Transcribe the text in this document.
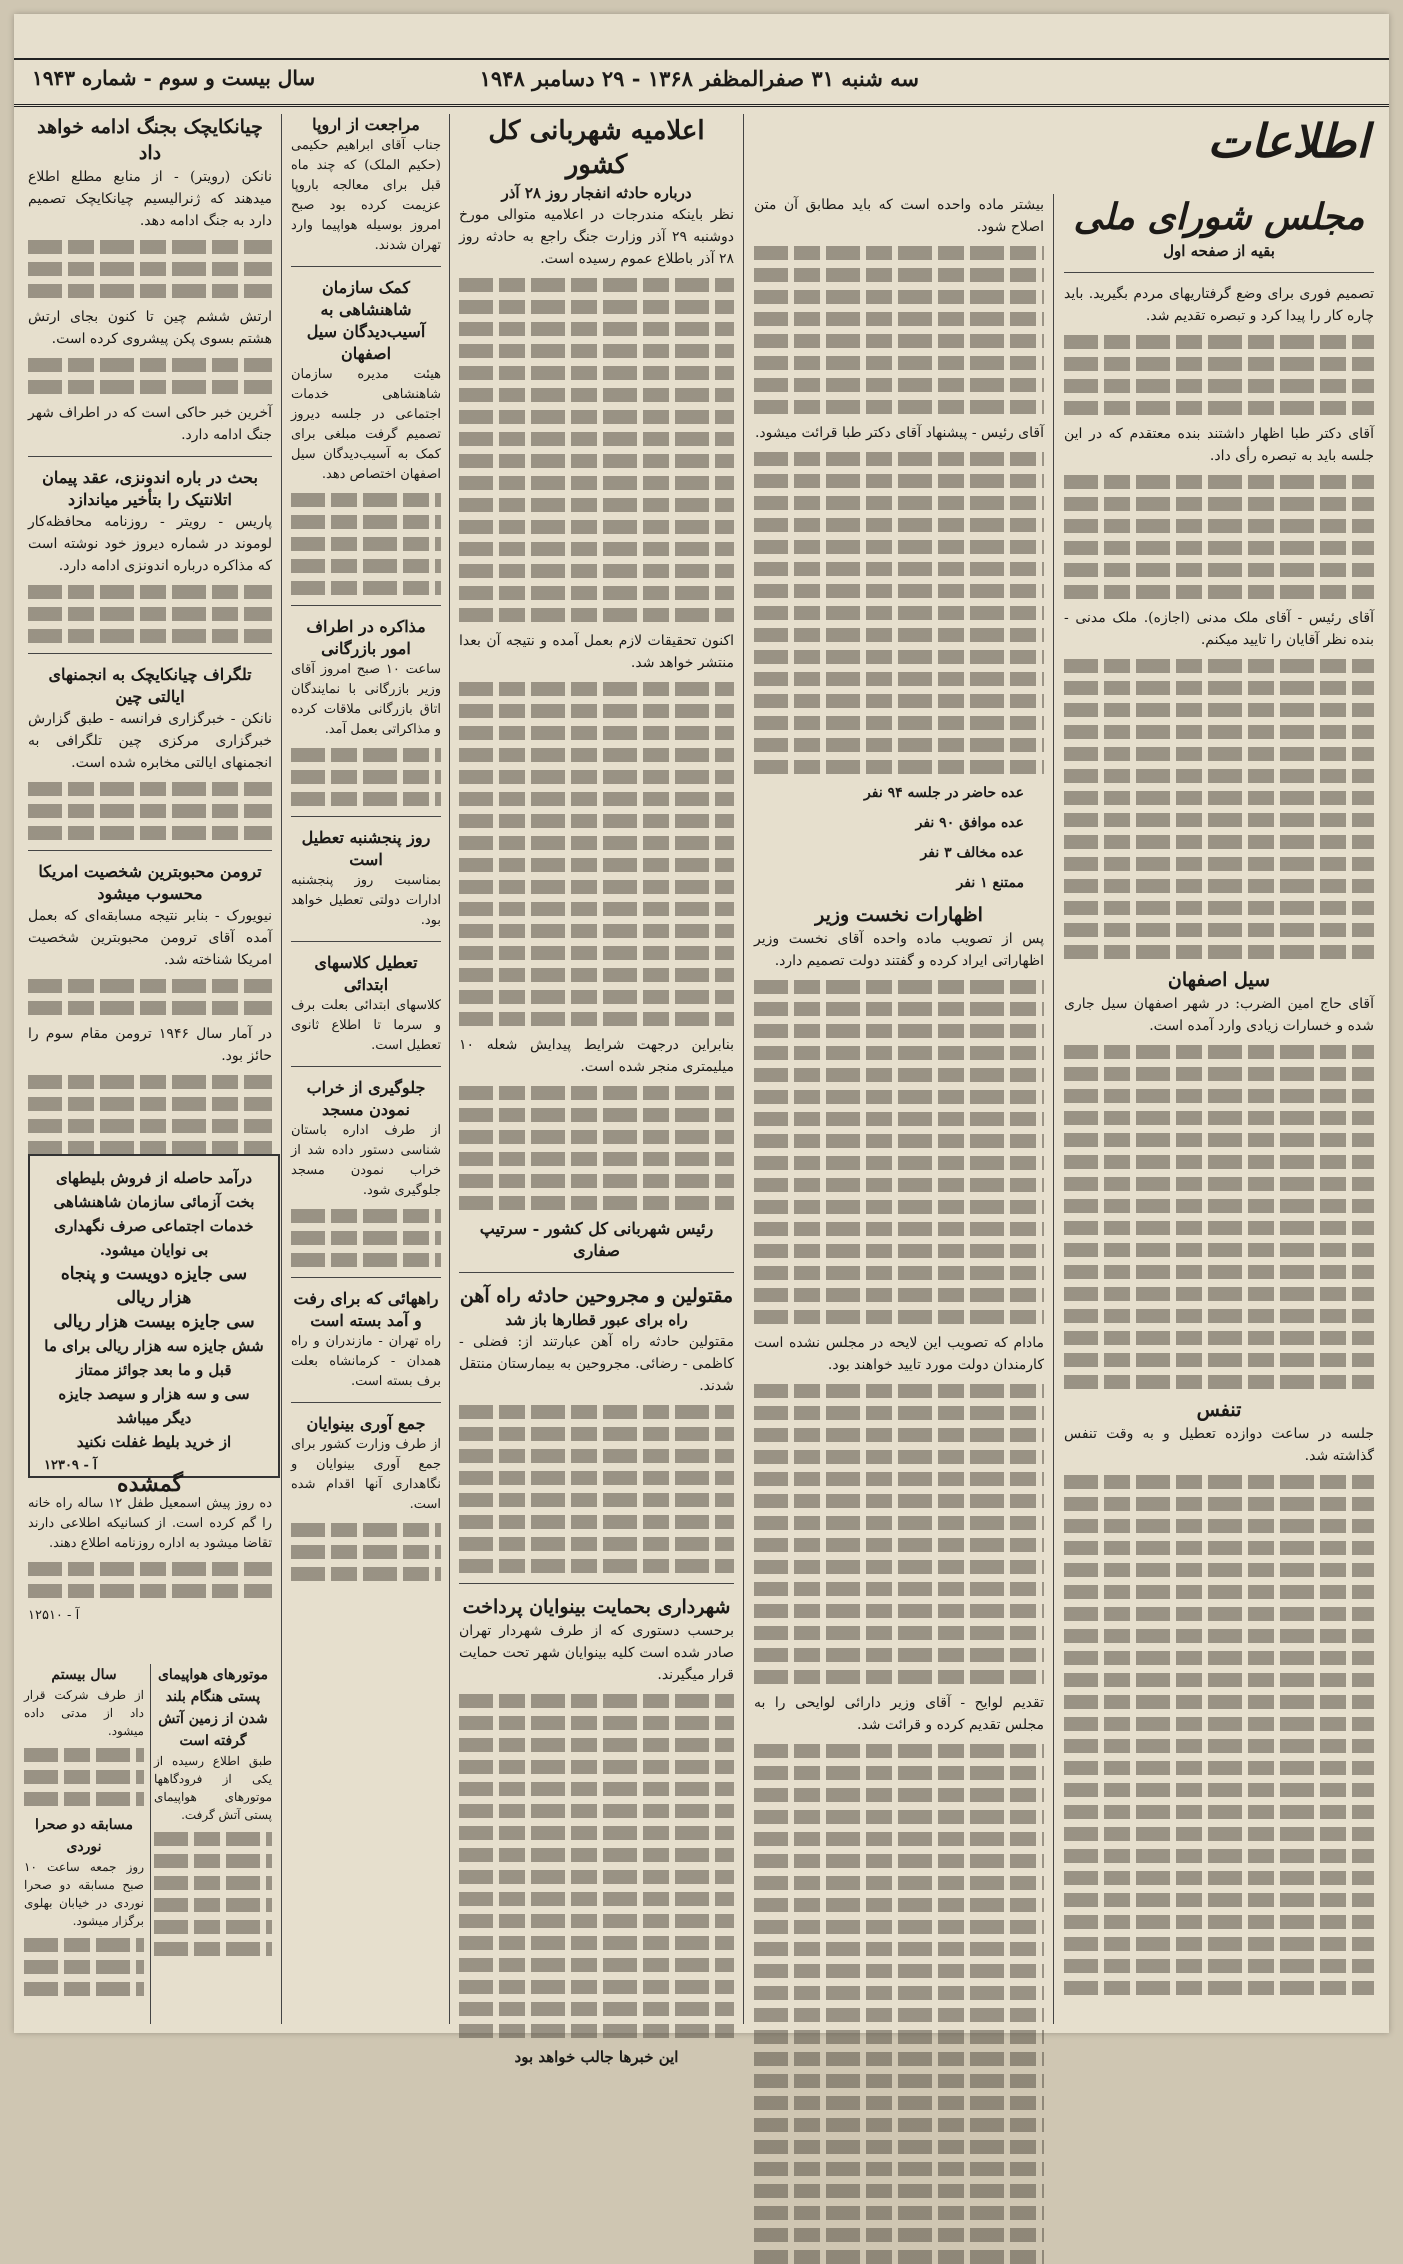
اطلاعات
سه شنبه ۳۱ صفرالمظفر ۱۳۶۸ - ۲۹ دسامبر ۱۹۴۸
سال بیست و سوم - شماره ۱۹۴۳
مجلس شورای ملی
بقیه از صفحه اول
تصمیم فوری برای وضع گرفتاریهای مردم بگیرید. باید چاره کار را پیدا کرد و تبصره تقدیم شد.
آقای دکتر طبا اظهار داشتند بنده معتقدم که در این جلسه باید به تبصره رأی داد.
آقای رئیس - آقای ملک مدنی (اجازه). ملک مدنی - بنده نظر آقایان را تایید میکنم.
سیل اصفهان
آقای حاج امین الضرب: در شهر اصفهان سیل جاری شده و خسارات زیادی وارد آمده است.
تنفس
جلسه در ساعت دوازده تعطیل و به وقت تنفس گذاشته شد.
بیشتر ماده واحده است که باید مطابق آن متن اصلاح شود.
آقای رئیس - پیشنهاد آقای دکتر طبا قرائت میشود.
عده حاضر در جلسه ۹۴ نفر
عده موافق ۹۰ نفر
عده مخالف ۳ نفر
ممتنع ۱ نفر
اظهارات نخست وزیر
پس از تصویب ماده واحده آقای نخست وزیر اظهاراتی ایراد کرده و گفتند دولت تصمیم دارد.
مادام که تصویب این لایحه در مجلس نشده است کارمندان دولت مورد تایید خواهند بود.
تقدیم لوایح - آقای وزیر دارائی لوایحی را به مجلس تقدیم کرده و قرائت شد.
اعلامیه شهربانی کل کشور
درباره حادثه انفجار روز ۲۸ آذر
نظر باینکه مندرجات در اعلامیه متوالی مورخ دوشنبه ۲۹ آذر وزارت جنگ راجع به حادثه روز ۲۸ آذر باطلاع عموم رسیده است.
اکنون تحقیقات لازم بعمل آمده و نتیجه آن بعدا منتشر خواهد شد.
بنابراین درجهت شرایط پیدایش شعله ۱۰ میلیمتری منجر شده است.
رئیس شهربانی کل کشور - سرتیپ صفاری
مقتولین و مجروحین حادثه راه آهن
راه برای عبور قطارها باز شد
مقتولین حادثه راه آهن عبارتند از: فضلی - کاظمی - رضائی. مجروحین به بیمارستان منتقل شدند.
شهرداری بحمایت بینوایان پرداخت
برحسب دستوری که از طرف شهردار تهران صادر شده است کلیه بینوایان شهر تحت حمایت قرار میگیرند.
این خبرها جالب خواهد بود
مراجعت از اروپا
جناب آقای ابراهیم حکیمی (حکیم الملک) که چند ماه قبل برای معالجه باروپا عزیمت کرده بود صبح امروز بوسیله هواپیما وارد تهران شدند.
کمک سازمان شاهنشاهی به آسیب‌دیدگان سیل اصفهان
هیئت مدیره سازمان شاهنشاهی خدمات اجتماعی در جلسه دیروز تصمیم گرفت مبلغی برای کمک به آسیب‌دیدگان سیل اصفهان اختصاص دهد.
مذاکره در اطراف امور بازرگانی
ساعت ۱۰ صبح امروز آقای وزیر بازرگانی با نمایندگان اتاق بازرگانی ملاقات کرده و مذاکراتی بعمل آمد.
روز پنجشنبه تعطیل است
بمناسبت روز پنجشنبه ادارات دولتی تعطیل خواهد بود.
تعطیل کلاسهای ابتدائی
کلاسهای ابتدائی بعلت برف و سرما تا اطلاع ثانوی تعطیل است.
جلوگیری از خراب نمودن مسجد
از طرف اداره باستان شناسی دستور داده شد از خراب نمودن مسجد جلوگیری شود.
راههائی که برای رفت و آمد بسته است
راه تهران - مازندران و راه همدان - کرمانشاه بعلت برف بسته است.
جمع آوری بینوایان
از طرف وزارت کشور برای جمع آوری بینوایان و نگاهداری آنها اقدام شده است.
چیانکایچک بجنگ ادامه خواهد داد
نانکن (رویتر) - از منابع مطلع اطلاع میدهند که ژنرالیسیم چیانکایچک تصمیم دارد به جنگ ادامه دهد.
ارتش ششم چین تا کنون بجای ارتش هشتم بسوی پکن پیشروی کرده است.
آخرین خبر حاکی است که در اطراف شهر جنگ ادامه دارد.
بحث در باره اندونزی، عقد پیمان اتلانتیک را بتأخیر میاندازد
پاریس - رویتر - روزنامه محافظه‌کار لوموند در شماره دیروز خود نوشته است که مذاکره درباره اندونزی ادامه دارد.
تلگراف چیانکایچک به انجمنهای ایالتی چین
نانکن - خبرگزاری فرانسه - طبق گزارش خبرگزاری مرکزی چین تلگرافی به انجمنهای ایالتی مخابره شده است.
ترومن محبوبترین شخصیت امریکا محسوب میشود
نیویورک - بنابر نتیجه مسابقه‌ای که بعمل آمده آقای ترومن محبوبترین شخصیت امریکا شناخته شد.
در آمار سال ۱۹۴۶ ترومن مقام سوم را حائز بود.
درآمد حاصله از فروش بلیطهای بخت آزمائی سازمان شاهنشاهی خدمات اجتماعی صرف نگهداری بی نوایان میشود.
سی جایزه دویست و پنجاه هزار ریالی
سی جایزه بیست هزار ریالی
شش جایزه سه هزار ریالی برای ما قبل و ما بعد جوائز ممتاز
سی و سه هزار و سیصد جایزه دیگر میباشد
از خرید بلیط غفلت نکنید
آ - ۱۲۳۰۹
گمشده
ده روز پیش اسمعیل طفل ۱۲ ساله راه خانه را گم کرده است. از کسانیکه اطلاعی دارند تقاضا میشود به اداره روزنامه اطلاع دهند.
آ - ۱۲۵۱۰
موتورهای هواپیمای پستی هنگام بلند شدن از زمین آتش گرفته است
طبق اطلاع رسیده از یکی از فرودگاهها موتورهای هواپیمای پستی آتش گرفت.
سال بیستم
از طرف شرکت قرار داد از مدتی داده میشود.
مسابقه دو صحرا نوردی
روز جمعه ساعت ۱۰ صبح مسابقه دو صحرا نوردی در خیابان بهلوی برگزار میشود.
